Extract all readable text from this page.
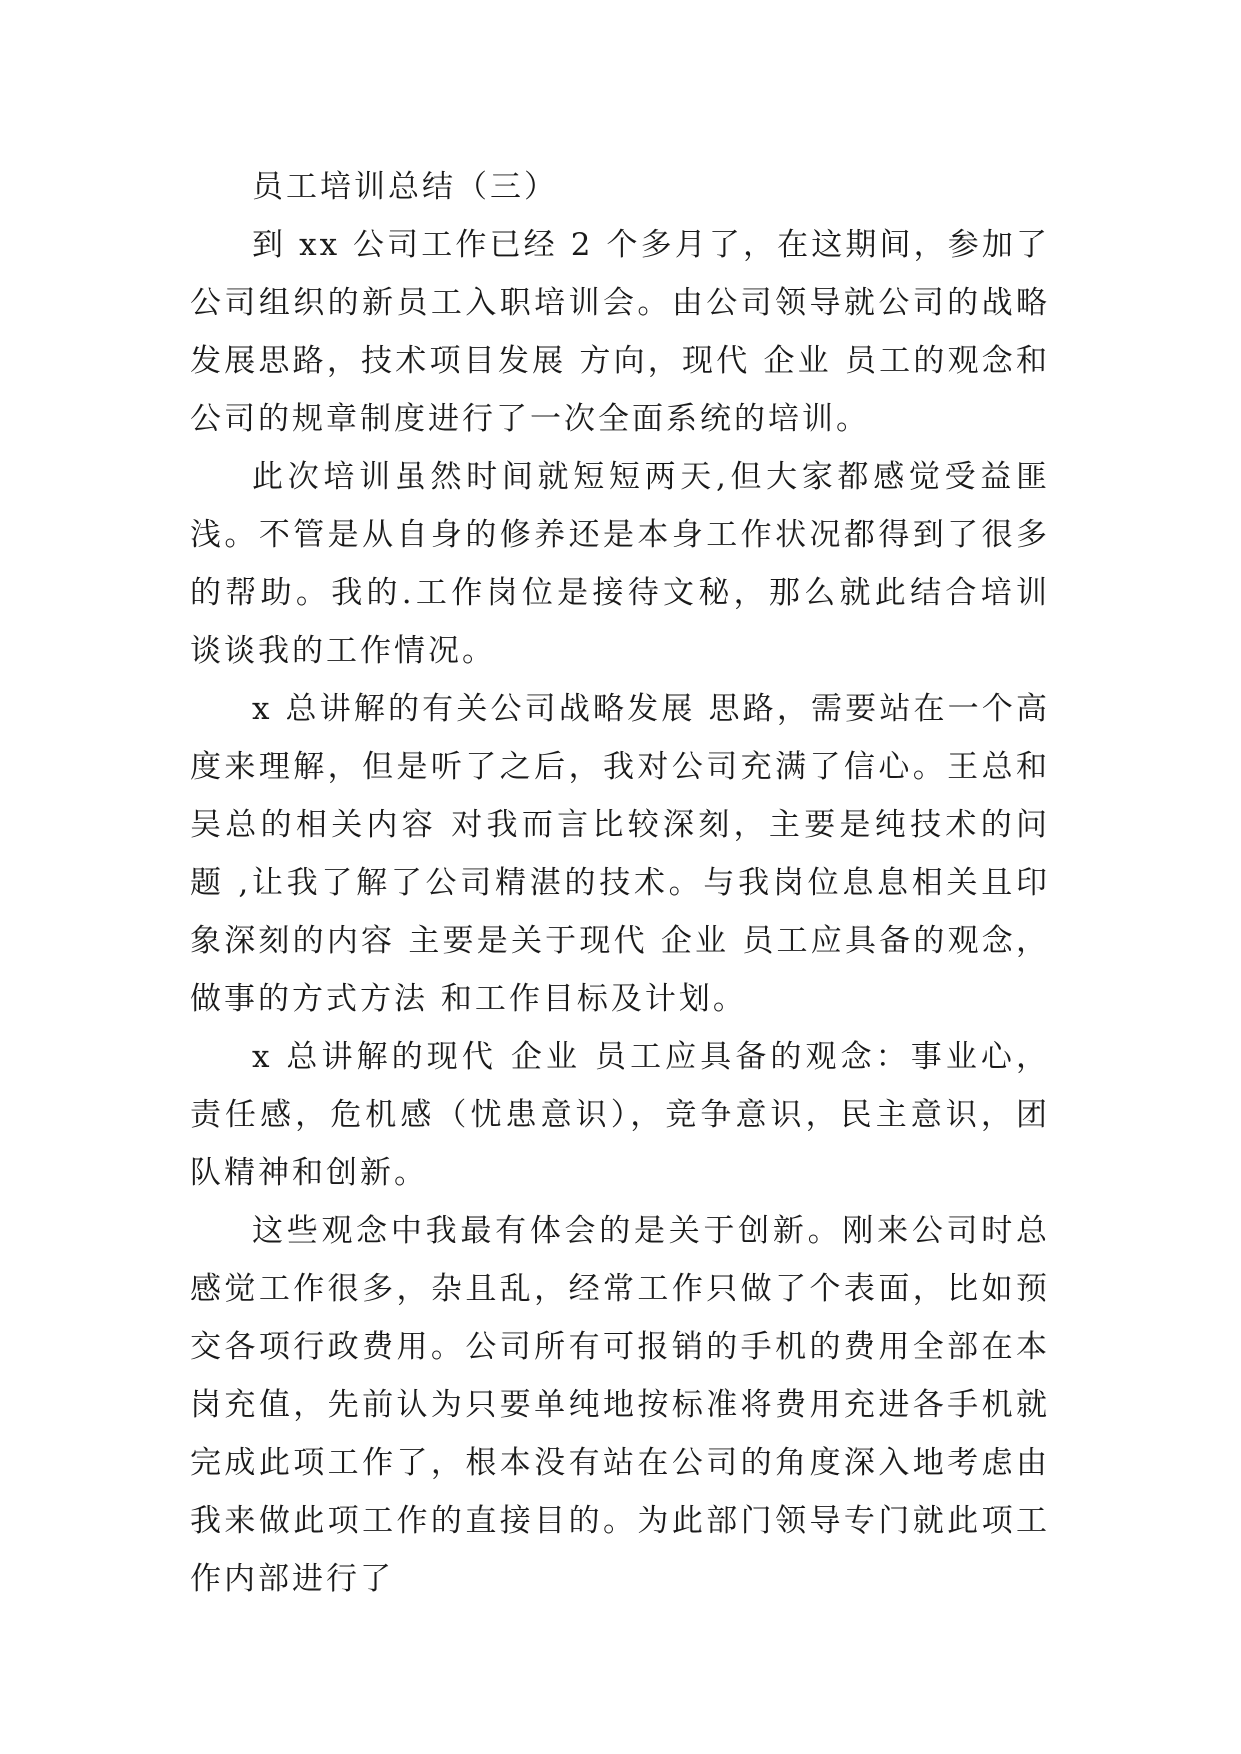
员工培训总结（三）

到 xx 公司工作已经 2 个多月了，在这期间，参加了公司组织的新员工入职培训会。由公司领导就公司的战略发展思路，技术项目发展 方向，现代 企业 员工的观念和公司的规章制度进行了一次全面系统的培训。

此次培训虽然时间就短短两天,但大家都感觉受益匪浅。不管是从自身的修养还是本身工作状况都得到了很多的帮助。我的.工作岗位是接待文秘，那么就此结合培训谈谈我的工作情况。

x 总讲解的有关公司战略发展 思路，需要站在一个高度来理解，但是听了之后，我对公司充满了信心。王总和吴总的相关内容 对我而言比较深刻，主要是纯技术的问题 ,让我了解了公司精湛的技术。与我岗位息息相关且印象深刻的内容 主要是关于现代 企业 员工应具备的观念，做事的方式方法 和工作目标及计划。

x 总讲解的现代 企业 员工应具备的观念：事业心，责任感，危机感（忧患意识），竞争意识，民主意识，团队精神和创新。

这些观念中我最有体会的是关于创新。刚来公司时总感觉工作很多，杂且乱，经常工作只做了个表面，比如预交各项行政费用。公司所有可报销的手机的费用全部在本岗充值，先前认为只要单纯地按标准将费用充进各手机就完成此项工作了，根本没有站在公司的角度深入地考虑由我来做此项工作的直接目的。为此部门领导专门就此项工作内部进行了
